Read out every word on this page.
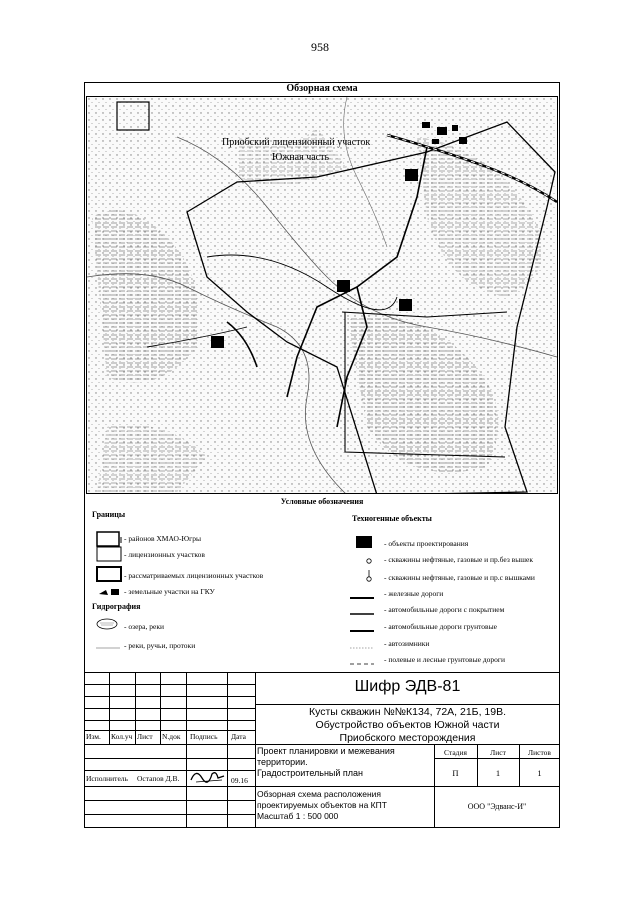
958
Обзорная схема
Приобский лицензионный участок
Южная часть
Условные обозначения
Границы
- районов ХМАО-Югры
- лицензионных участков
- рассматриваемых лицензионных участков
- земельные участки на ГКУ
Гидрография
- озера, реки
- реки, ручьи, протоки
Техногенные объекты
- объекты проектирования
- скважины нефтяные, газовые и пр.без вышек
- скважины нефтяные, газовые и пр.с вышками
- железные дороги
- автомобильные дороги с покрытием
- автомобильные дороги грунтовые
- автозимники
- полевые и лесные грунтовые дороги
Изм. Кол.уч Лист N.док Подпись Дата
Исполнитель Остапов Д.В.	09.16
Шифр ЭДВ-81
Кусты скважин №№К134, 72А, 21Б, 19В.
Обустройство объектов Южной части
Приобского месторождения
Проект планировки и межевания
территории.
Градостроительный план
Стадия	Лист	Листов
П	1	1
Обзорная схема расположения
проектируемых объектов на КПТ
Масштаб 1 : 500 000
ООО "Эдванс-И"
